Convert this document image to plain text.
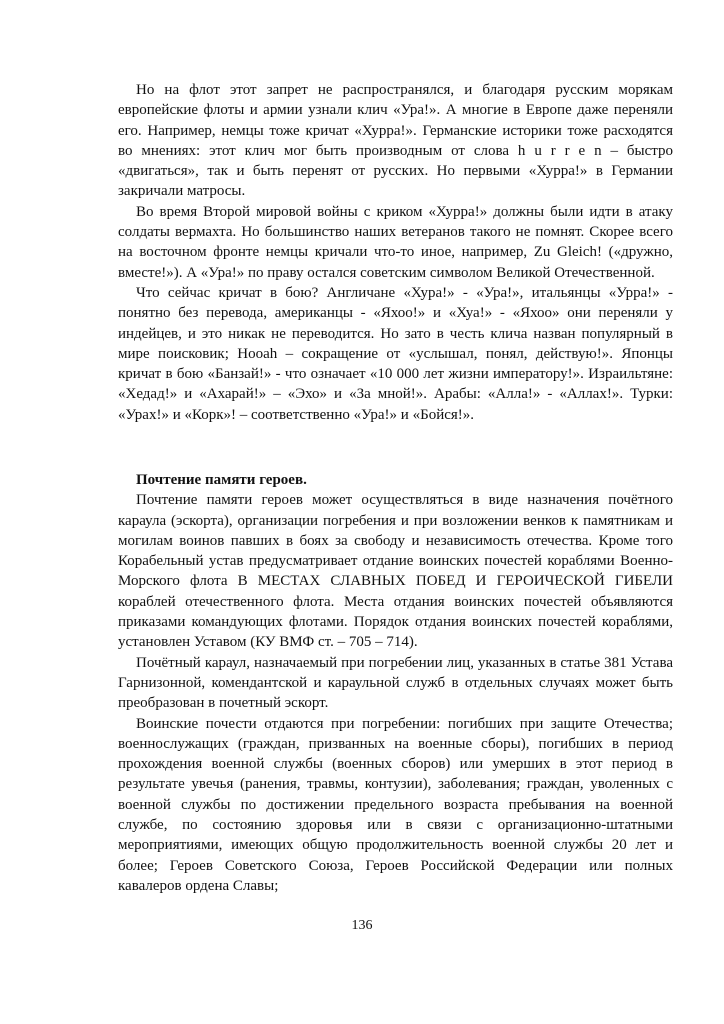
Но на флот этот запрет не распространялся, и благодаря русским морякам европейские флоты и армии узнали клич «Ура!». А многие в Европе даже переняли его. Например, немцы тоже кричат «Хурра!». Германские историки тоже расходятся во мнениях: этот клич мог быть производным от слова h u r r e n – быстро «двигаться», так и быть перенят от русских. Но первыми «Хурра!» в Германии закричали матросы.

Во время Второй мировой войны с криком «Хурра!» должны были идти в атаку солдаты вермахта. Но большинство наших ветеранов такого не помнят. Скорее всего на восточном фронте немцы кричали что-то иное, например, Zu Gleich! («дружно, вместе!»). А «Ура!» по праву остался советским символом Великой Отечественной.

Что сейчас кричат в бою? Англичане «Хура!» - «Ура!», итальянцы «Урра!» - понятно без перевода, американцы - «Яхоо!» и «Хуа!» - «Яхоо» они переняли у индейцев, и это никак не переводится. Но зато в честь клича назван популярный в мире поисковик; Hooah – сокращение от «услышал, понял, действую!». Японцы кричат в бою «Банзай!» - что означает «10 000 лет жизни императору!». Израильтяне: «Хедад!» и «Ахарай!» – «Эхо» и «За мной!». Арабы: «Алла!» - «Аллах!». Турки: «Урах!» и «Корк»! – соответственно «Ура!» и «Бойся!».

Почтение памяти героев.

Почтение памяти героев может осуществляться в виде назначения почётного караула (эскорта), организации погребения и при возложении венков к памятникам и могилам воинов павших в боях за свободу и независимость отечества. Кроме того Корабельный устав предусматривает отдание воинских почестей кораблями Военно-Морского флота В МЕСТАХ СЛАВНЫХ ПОБЕД И ГЕРОИЧЕСКОЙ ГИБЕЛИ кораблей отечественного флота. Места отдания воинских почестей объявляются приказами командующих флотами. Порядок отдания воинских почестей кораблями, установлен Уставом (КУ ВМФ ст. – 705 – 714).

Почётный караул, назначаемый при погребении лиц, указанных в статье 381 Устава Гарнизонной, комендантской и караульной служб в отдельных случаях может быть преобразован в почетный эскорт.

Воинские почести отдаются при погребении: погибших при защите Отечества; военнослужащих (граждан, призванных на военные сборы), погибших в период прохождения военной службы (военных сборов) или умерших в этот период в результате увечья (ранения, травмы, контузии), заболевания; граждан, уволенных с военной службы по достижении предельного возраста пребывания на военной службе, по состоянию здоровья или в связи с организационно-штатными мероприятиями, имеющих общую продолжительность военной службы 20 лет и более; Героев Советского Союза, Героев Российской Федерации или полных кавалеров ордена Славы;

136
